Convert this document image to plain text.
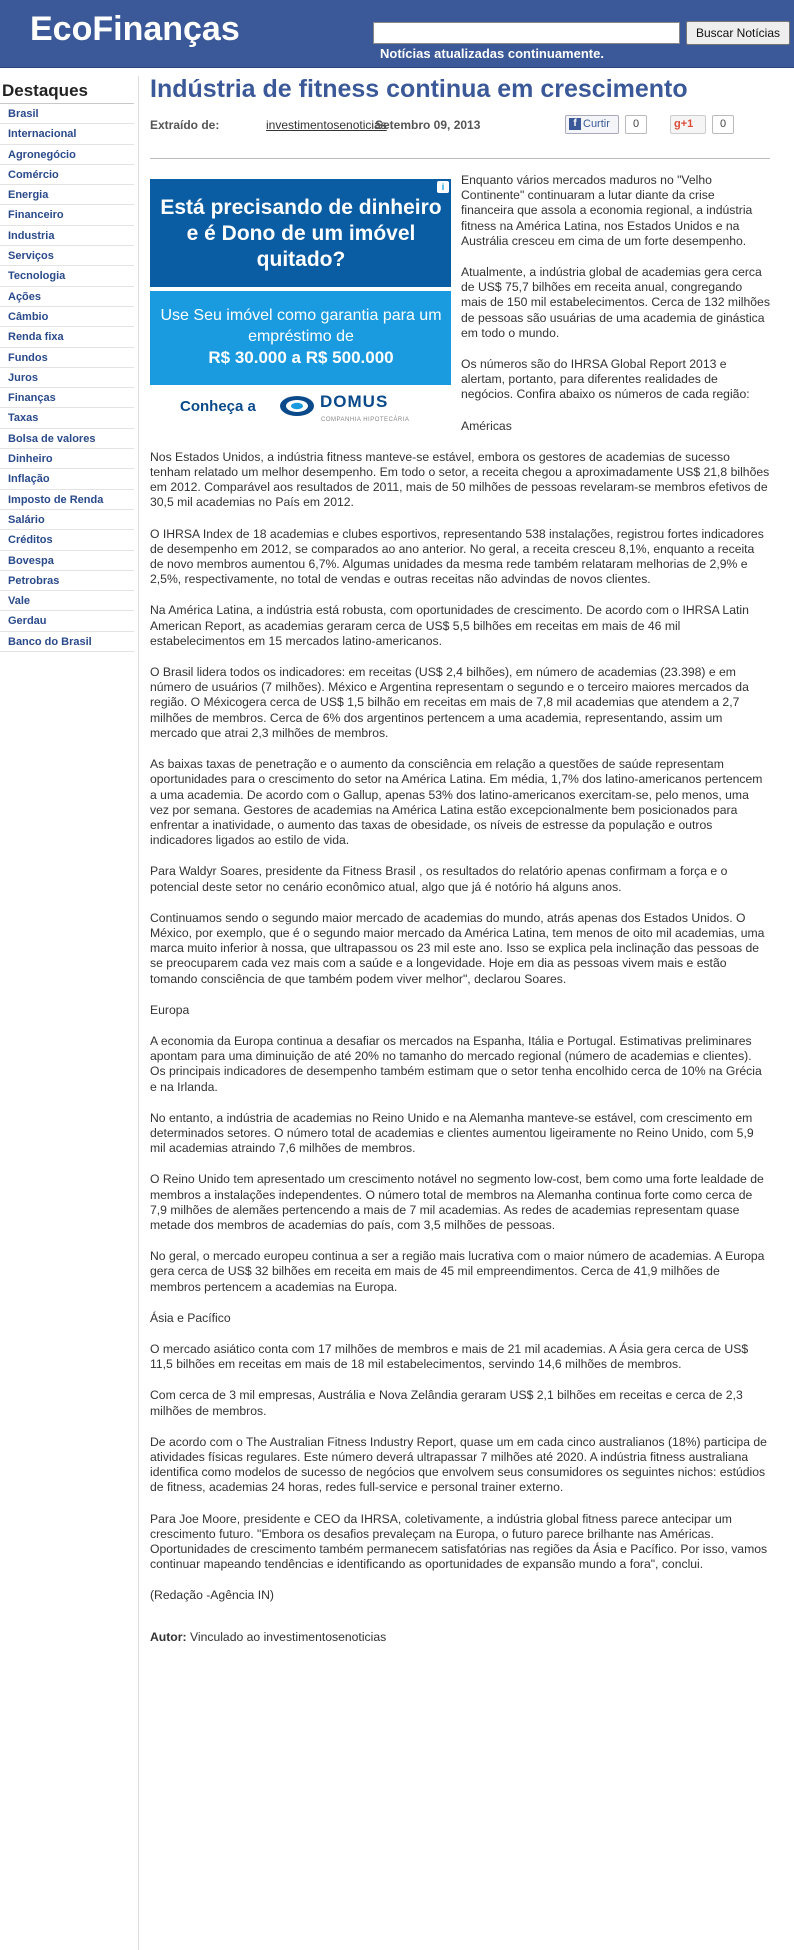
EcoFinanças	Buscar Notícias
Notícias atualizadas continuamente.
Destaques
Brasil
Internacional
Agronegócio
Comércio
Energia
Financeiro
Industria
Serviços
Tecnologia
Ações
Câmbio
Renda fixa
Fundos
Juros
Finanças
Taxas
Bolsa de valores
Dinheiro
Inflação
Imposto de Renda
Salário
Créditos
Bovespa
Petrobras
Vale
Gerdau
Banco do Brasil
Indústria de fitness continua em crescimento
Extraído de:	investimentosenoticias
Setembro 09, 2013	f Curtir	0	g+1	0
i
Está precisando de dinheiro e é Dono de um imóvel quitado?
Use Seu imóvel como garantia para um empréstimo de
R$ 30.000 a R$ 500.000
Conheça a	DOMUS
COMPANHIA HIPOTECÁRIA

Enquanto vários mercados maduros no "Velho Continente" continuaram a lutar diante da crise financeira que assola a economia regional, a indústria fitness na América Latina, nos Estados Unidos e na Austrália cresceu em cima de um forte desempenho.

Atualmente, a indústria global de academias gera cerca de US$ 75,7 bilhões em receita anual, congregando mais de 150 mil estabelecimentos. Cerca de 132 milhões de pessoas são usuárias de uma academia de ginástica em todo o mundo.

Os números são do IHRSA Global Report 2013 e alertam, portanto, para diferentes realidades de negócios. Confira abaixo os números de cada região:

Américas

Nos Estados Unidos, a indústria fitness manteve-se estável, embora os gestores de academias de sucesso tenham relatado um melhor desempenho. Em todo o setor, a receita chegou a aproximadamente US$ 21,8 bilhões em 2012. Comparável aos resultados de 2011, mais de 50 milhões de pessoas revelaram-se membros efetivos de 30,5 mil academias no País em 2012.

O IHRSA Index de 18 academias e clubes esportivos, representando 538 instalações, registrou fortes indicadores de desempenho em 2012, se comparados ao ano anterior. No geral, a receita cresceu 8,1%, enquanto a receita de novo membros aumentou 6,7%. Algumas unidades da mesma rede também relataram melhorias de 2,9% e 2,5%, respectivamente, no total de vendas e outras receitas não advindas de novos clientes.

Na América Latina, a indústria está robusta, com oportunidades de crescimento. De acordo com o IHRSA Latin American Report, as academias geraram cerca de US$ 5,5 bilhões em receitas em mais de 46 mil estabelecimentos em 15 mercados latino-americanos.

O Brasil lidera todos os indicadores: em receitas (US$ 2,4 bilhões), em número de academias (23.398) e em número de usuários (7 milhões). México e Argentina representam o segundo e o terceiro maiores mercados da região. O Méxicogera cerca de US$ 1,5 bilhão em receitas em mais de 7,8 mil academias que atendem a 2,7 milhões de membros. Cerca de 6% dos argentinos pertencem a uma academia, representando, assim um mercado que atrai 2,3 milhões de membros.

As baixas taxas de penetração e o aumento da consciência em relação a questões de saúde representam oportunidades para o crescimento do setor na América Latina. Em média, 1,7% dos latino-americanos pertencem a uma academia. De acordo com o Gallup, apenas 53% dos latino-americanos exercitam-se, pelo menos, uma vez por semana. Gestores de academias na América Latina estão excepcionalmente bem posicionados para enfrentar a inatividade, o aumento das taxas de obesidade, os níveis de estresse da população e outros indicadores ligados ao estilo de vida.

Para Waldyr Soares, presidente da Fitness Brasil , os resultados do relatório apenas confirmam a força e o potencial deste setor no cenário econômico atual, algo que já é notório há alguns anos.

Continuamos sendo o segundo maior mercado de academias do mundo, atrás apenas dos Estados Unidos. O México, por exemplo, que é o segundo maior mercado da América Latina, tem menos de oito mil academias, uma marca muito inferior à nossa, que ultrapassou os 23 mil este ano. Isso se explica pela inclinação das pessoas de se preocuparem cada vez mais com a saúde e a longevidade. Hoje em dia as pessoas vivem mais e estão tomando consciência de que também podem viver melhor", declarou Soares.

Europa

A economia da Europa continua a desafiar os mercados na Espanha, Itália e Portugal. Estimativas preliminares apontam para uma diminuição de até 20% no tamanho do mercado regional (número de academias e clientes). Os principais indicadores de desempenho também estimam que o setor tenha encolhido cerca de 10% na Grécia e na Irlanda.

No entanto, a indústria de academias no Reino Unido e na Alemanha manteve-se estável, com crescimento em determinados setores. O número total de academias e clientes aumentou ligeiramente no Reino Unido, com 5,9 mil academias atraindo 7,6 milhões de membros.

O Reino Unido tem apresentado um crescimento notável no segmento low-cost, bem como uma forte lealdade de membros a instalações independentes. O número total de membros na Alemanha continua forte como cerca de 7,9 milhões de alemães pertencendo a mais de 7 mil academias. As redes de academias representam quase metade dos membros de academias do país, com 3,5 milhões de pessoas.

No geral, o mercado europeu continua a ser a região mais lucrativa com o maior número de academias. A Europa gera cerca de US$ 32 bilhões em receita em mais de 45 mil empreendimentos. Cerca de 41,9 milhões de membros pertencem a academias na Europa.

Ásia e Pacífico

O mercado asiático conta com 17 milhões de membros e mais de 21 mil academias. A Ásia gera cerca de US$ 11,5 bilhões em receitas em mais de 18 mil estabelecimentos, servindo 14,6 milhões de membros.

Com cerca de 3 mil empresas, Austrália e Nova Zelândia geraram US$ 2,1 bilhões em receitas e cerca de 2,3 milhões de membros.

De acordo com o The Australian Fitness Industry Report, quase um em cada cinco australianos (18%) participa de atividades físicas regulares. Este número deverá ultrapassar 7 milhões até 2020. A indústria fitness australiana identifica como modelos de sucesso de negócios que envolvem seus consumidores os seguintes nichos: estúdios de fitness, academias 24 horas, redes full-service e personal trainer externo.

Para Joe Moore, presidente e CEO da IHRSA, coletivamente, a indústria global fitness parece antecipar um crescimento futuro. "Embora os desafios prevaleçam na Europa, o futuro parece brilhante nas Américas. Oportunidades de crescimento também permanecem satisfatórias nas regiões da Ásia e Pacífico. Por isso, vamos continuar mapeando tendências e identificando as oportunidades de expansão mundo a fora", conclui.

(Redação -Agência IN)

Autor: Vinculado ao investimentosenoticias
